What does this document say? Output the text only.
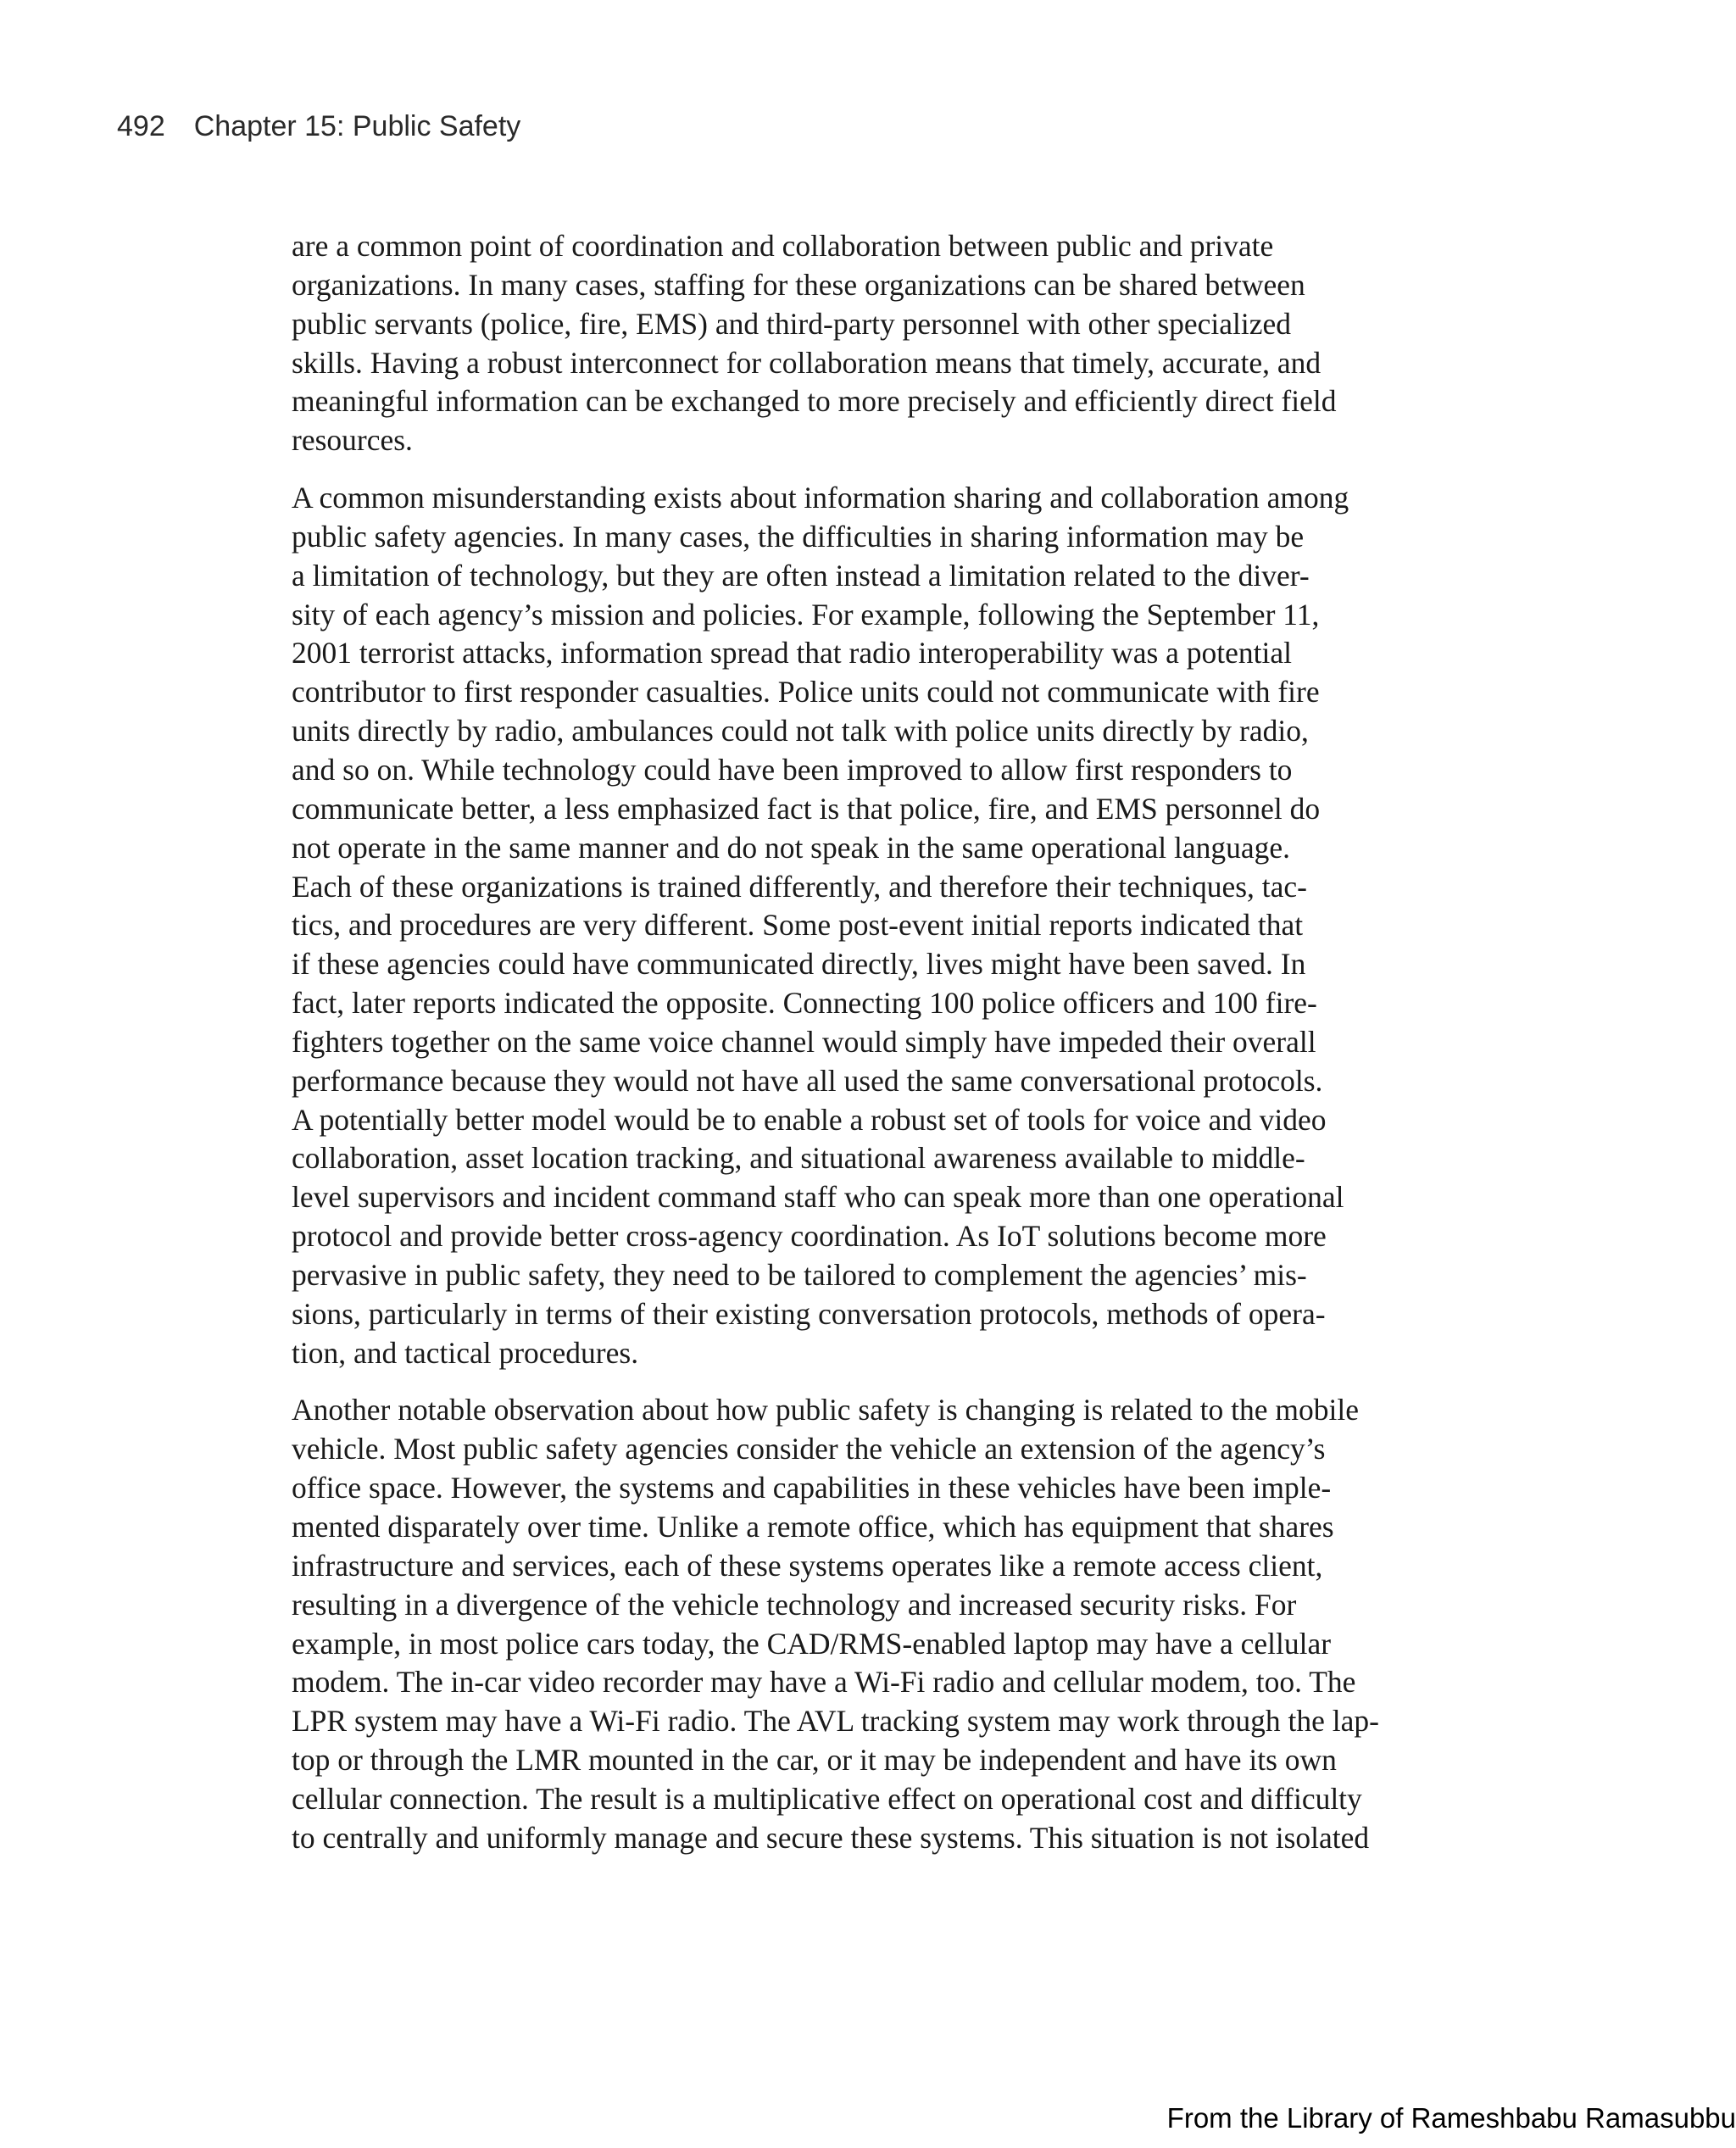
492 Chapter 15: Public Safety
are a common point of coordination and collaboration between public and private
organizations. In many cases, staffing for these organizations can be shared between
public servants (police, fire, EMS) and third-party personnel with other specialized
skills. Having a robust interconnect for collaboration means that timely, accurate, and
meaningful information can be exchanged to more precisely and efficiently direct field
resources.
A common misunderstanding exists about information sharing and collaboration among
public safety agencies. In many cases, the difficulties in sharing information may be
a limitation of technology, but they are often instead a limitation related to the diver-
sity of each agency’s mission and policies. For example, following the September 11,
2001 terrorist attacks, information spread that radio interoperability was a potential
contributor to first responder casualties. Police units could not communicate with fire
units directly by radio, ambulances could not talk with police units directly by radio,
and so on. While technology could have been improved to allow first responders to
communicate better, a less emphasized fact is that police, fire, and EMS personnel do
not operate in the same manner and do not speak in the same operational language.
Each of these organizations is trained differently, and therefore their techniques, tac-
tics, and procedures are very different. Some post-event initial reports indicated that
if these agencies could have communicated directly, lives might have been saved. In
fact, later reports indicated the opposite. Connecting 100 police officers and 100 fire-
fighters together on the same voice channel would simply have impeded their overall
performance because they would not have all used the same conversational protocols.
A potentially better model would be to enable a robust set of tools for voice and video
collaboration, asset location tracking, and situational awareness available to middle-
level supervisors and incident command staff who can speak more than one operational
protocol and provide better cross-agency coordination. As IoT solutions become more
pervasive in public safety, they need to be tailored to complement the agencies’ mis-
sions, particularly in terms of their existing conversation protocols, methods of opera-
tion, and tactical procedures.
Another notable observation about how public safety is changing is related to the mobile
vehicle. Most public safety agencies consider the vehicle an extension of the agency’s
office space. However, the systems and capabilities in these vehicles have been imple-
mented disparately over time. Unlike a remote office, which has equipment that shares
infrastructure and services, each of these systems operates like a remote access client,
resulting in a divergence of the vehicle technology and increased security risks. For
example, in most police cars today, the CAD/RMS-enabled laptop may have a cellular
modem. The in-car video recorder may have a Wi-Fi radio and cellular modem, too. The
LPR system may have a Wi-Fi radio. The AVL tracking system may work through the lap-
top or through the LMR mounted in the car, or it may be independent and have its own
cellular connection. The result is a multiplicative effect on operational cost and difficulty
to centrally and uniformly manage and secure these systems. This situation is not isolated
From the Library of Rameshbabu Ramasubbu
